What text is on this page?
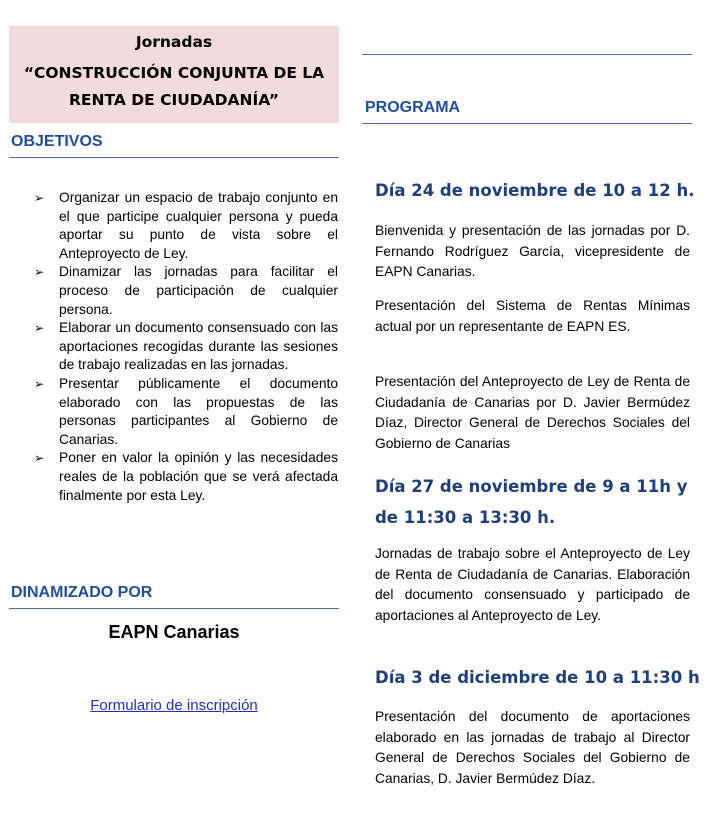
Jornadas
“CONSTRUCCIÓN CONJUNTA DE LA
RENTA DE CIUDADANÍA”
OBJETIVOS
➢ Organizar un espacio de trabajo conjunto en el que participe cualquier persona y pueda aportar su punto de vista sobre el Anteproyecto de Ley.
➢ Dinamizar las jornadas para facilitar el proceso de participación de cualquier persona.
➢ Elaborar un documento consensuado con las aportaciones recogidas durante las sesiones de trabajo realizadas en las jornadas.
➢ Presentar públicamente el documento elaborado con las propuestas de las personas participantes al Gobierno de Canarias.
➢ Poner en valor la opinión y las necesidades reales de la población que se verá afectada finalmente por esta Ley.
DINAMIZADO POR
EAPN Canarias
Formulario de inscripción
PROGRAMA
Día 24 de noviembre de 10 a 12 h.
Bienvenida y presentación de las jornadas por D. Fernando Rodríguez García, vicepresidente de EAPN Canarias.
Presentación del Sistema de Rentas Mínimas actual por un representante de EAPN ES.
Presentación del Anteproyecto de Ley de Renta de Ciudadanía de Canarias por D. Javier Bermúdez Díaz, Director General de Derechos Sociales del Gobierno de Canarias
Día 27 de noviembre de 9 a 11h y
de 11:30 a 13:30 h.
Jornadas de trabajo sobre el Anteproyecto de Ley de Renta de Ciudadanía de Canarias. Elaboración del documento consensuado y participado de aportaciones al Anteproyecto de Ley.
Día 3 de diciembre de 10 a 11:30 h
Presentación del documento de aportaciones elaborado en las jornadas de trabajo al Director General de Derechos Sociales del Gobierno de Canarias, D. Javier Bermúdez Díaz.
